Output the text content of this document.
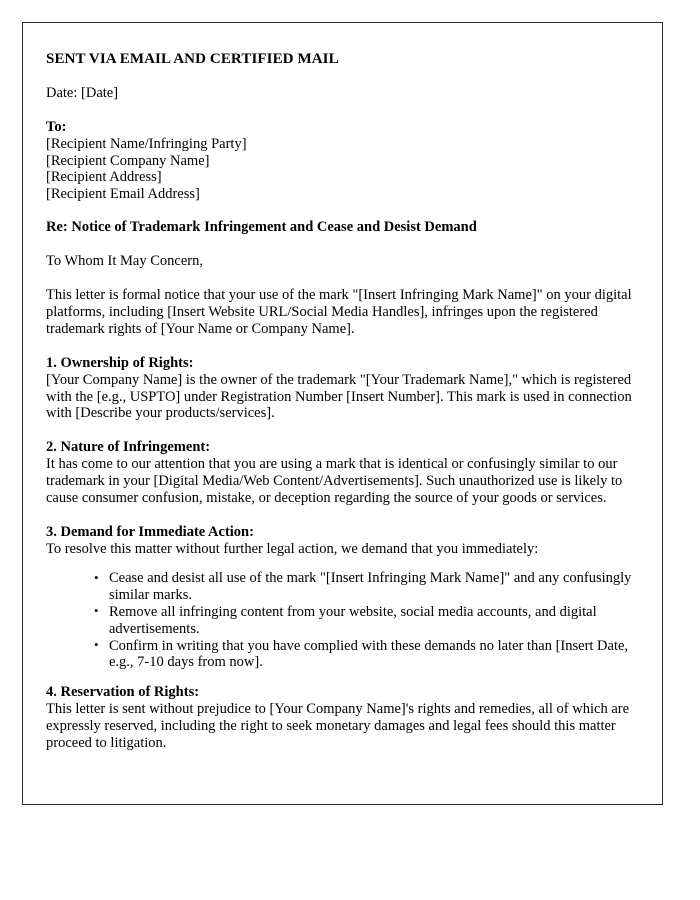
SENT VIA EMAIL AND CERTIFIED MAIL

Date: [Date]

To:

[Recipient Name/Infringing Party]

[Recipient Company Name]

[Recipient Address]

[Recipient Email Address]

Re: Notice of Trademark Infringement and Cease and Desist Demand

To Whom It May Concern,

This letter is formal notice that your use of the mark "[Insert Infringing Mark Name]" on your digital platforms, including [Insert Website URL/Social Media Handles], infringes upon the registered trademark rights of [Your Name or Company Name].

1. Ownership of Rights:

[Your Company Name] is the owner of the trademark "[Your Trademark Name]," which is registered with the [e.g., USPTO] under Registration Number [Insert Number]. This mark is used in connection with [Describe your products/services].

2. Nature of Infringement:

It has come to our attention that you are using a mark that is identical or confusingly similar to our trademark in your [Digital Media/Web Content/Advertisements]. Such unauthorized use is likely to cause consumer confusion, mistake, or deception regarding the source of your goods or services.

3. Demand for Immediate Action:

To resolve this matter without further legal action, we demand that you immediately:

• Cease and desist all use of the mark "[Insert Infringing Mark Name]" and any confusingly similar marks.
• Remove all infringing content from your website, social media accounts, and digital advertisements.
• Confirm in writing that you have complied with these demands no later than [Insert Date, e.g., 7-10 days from now].

4. Reservation of Rights:

This letter is sent without prejudice to [Your Company Name]'s rights and remedies, all of which are expressly reserved, including the right to seek monetary damages and legal fees should this matter proceed to litigation.
